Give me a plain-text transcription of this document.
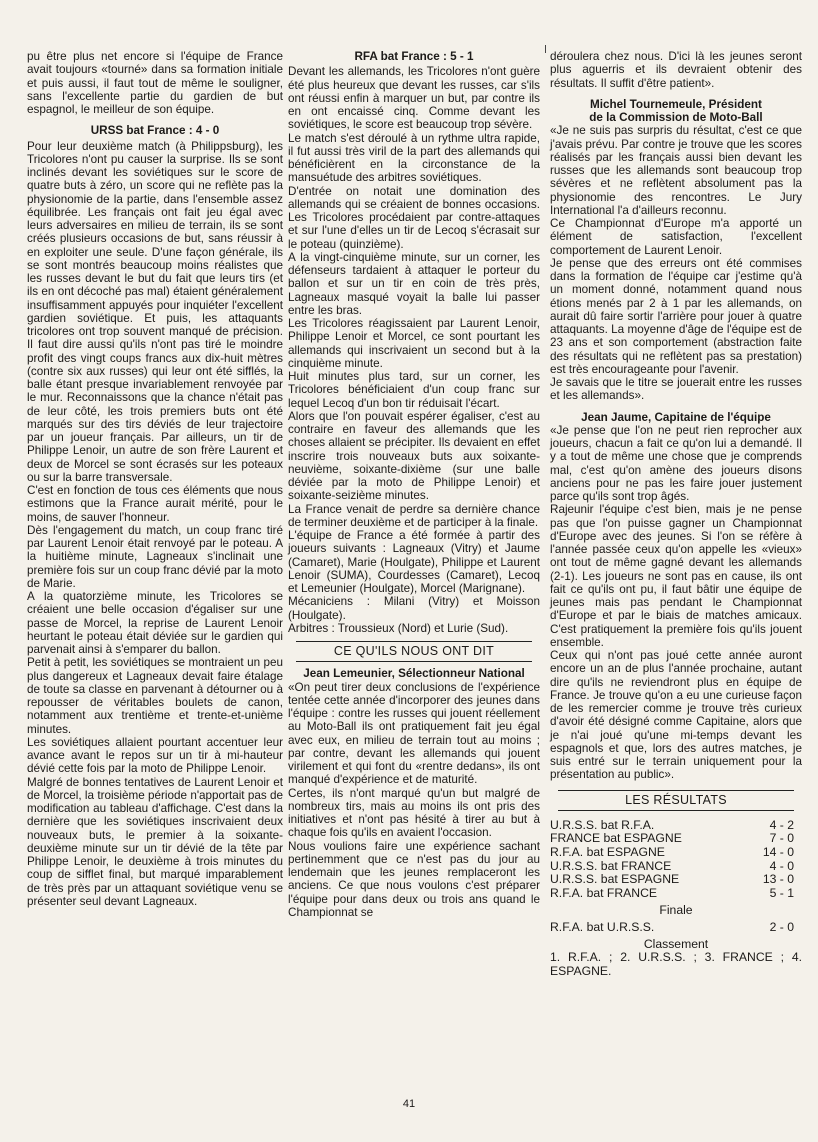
pu être plus net encore si l'équipe de France avait toujours «tourné» dans sa formation initiale et puis aussi, il faut tout de même le souligner, sans l'excellente partie du gardien de but espagnol, le meilleur de son équipe.

URSS bat France : 4 - 0

Pour leur deuxième match (à Philippsburg), les Tricolores n'ont pu causer la surprise. Ils se sont inclinés devant les soviétiques sur le score de quatre buts à zéro, un score qui ne reflète pas la physionomie de la partie, dans l'ensemble assez équilibrée. Les français ont fait jeu égal avec leurs adversaires en milieu de terrain, ils se sont créés plusieurs occasions de but, sans réussir à en exploiter une seule. D'une façon générale, ils se sont montrés beaucoup moins réalistes que les russes devant le but du fait que leurs tirs (et ils en ont décoché pas mal) étaient généralement insuffisamment appuyés pour inquiéter l'excellent gardien soviétique. Et puis, les attaquants tricolores ont trop souvent manqué de précision. Il faut dire aussi qu'ils n'ont pas tiré le moindre profit des vingt coups francs aux dix-huit mètres (contre six aux russes) qui leur ont été sifflés, la balle étant presque invariablement renvoyée par le mur. Reconnaissons que la chance n'était pas de leur côté, les trois premiers buts ont été marqués sur des tirs déviés de leur trajectoire par un joueur français. Par ailleurs, un tir de Philippe Lenoir, un autre de son frère Laurent et deux de Morcel se sont écrasés sur les poteaux ou sur la barre transversale.

C'est en fonction de tous ces éléments que nous estimons que la France aurait mérité, pour le moins, de sauver l'honneur.

Dès l'engagement du match, un coup franc tiré par Laurent Lenoir était renvoyé par le poteau. A la huitième minute, Lagneaux s'inclinait une première fois sur un coup franc dévié par la moto de Marie.

A la quatorzième minute, les Tricolores se créaient une belle occasion d'égaliser sur une passe de Morcel, la reprise de Laurent Lenoir heurtant le poteau était déviée sur le gardien qui parvenait ainsi à s'emparer du ballon.

Petit à petit, les soviétiques se montraient un peu plus dangereux et Lagneaux devait faire étalage de toute sa classe en parvenant à détourner ou à repousser de véritables boulets de canon, notamment aux trentième et trente-et-unième minutes.

Les soviétiques allaient pourtant accentuer leur avance avant le repos sur un tir à mi-hauteur dévié cette fois par la moto de Philippe Lenoir.

Malgré de bonnes tentatives de Laurent Lenoir et de Morcel, la troisième période n'apportait pas de modification au tableau d'affichage. C'est dans la dernière que les soviétiques inscrivaient deux nouveaux buts, le premier à la soixante-deuxième minute sur un tir dévié de la tête par Philippe Lenoir, le deuxième à trois minutes du coup de sifflet final, but marqué imparablement de très près par un attaquant soviétique venu se présenter seul devant Lagneaux.

RFA bat France : 5 - 1

Devant les allemands, les Tricolores n'ont guère été plus heureux que devant les russes, car s'ils ont réussi enfin à marquer un but, par contre ils en ont encaissé cinq. Comme devant les soviétiques, le score est beaucoup trop sévère.

Le match s'est déroulé à un rythme ultra rapide, il fut aussi très viril de la part des allemands qui bénéficièrent en la circonstance de la mansuétude des arbitres soviétiques.

D'entrée on notait une domination des allemands qui se créaient de bonnes occasions. Les Tricolores procédaient par contre-attaques et sur l'une d'elles un tir de Lecoq s'écrasait sur le poteau (quinzième).

A la vingt-cinquième minute, sur un corner, les défenseurs tardaient à attaquer le porteur du ballon et sur un tir en coin de très près, Lagneaux masqué voyait la balle lui passer entre les bras.

Les Tricolores réagissaient par Laurent Lenoir, Philippe Lenoir et Morcel, ce sont pourtant les allemands qui inscrivaient un second but à la cinquième minute.

Huit minutes plus tard, sur un corner, les Tricolores bénéficiaient d'un coup franc sur lequel Lecoq d'un bon tir réduisait l'écart.

Alors que l'on pouvait espérer égaliser, c'est au contraire en faveur des allemands que les choses allaient se précipiter. Ils devaient en effet inscrire trois nouveaux buts aux soixante-neuvième, soixante-dixième (sur une balle déviée par la moto de Philippe Lenoir) et soixante-seizième minutes.

La France venait de perdre sa dernière chance de terminer deuxième et de participer à la finale.

L'équipe de France a été formée à partir des joueurs suivants : Lagneaux (Vitry) et Jaume (Camaret), Marie (Houlgate), Philippe et Laurent Lenoir (SUMA), Courdesses (Camaret), Lecoq et Lemeunier (Houlgate), Morcel (Marignane).

Mécaniciens : Milani (Vitry) et Moisson (Houlgate).

Arbitres : Troussieux (Nord) et Lurie (Sud).

CE QU'ILS NOUS ONT DIT
Jean Lemeunier, Sélectionneur National

«On peut tirer deux conclusions de l'expérience tentée cette année d'incorporer des jeunes dans l'équipe : contre les russes qui jouent réellement au Moto-Ball ils ont pratiquement fait jeu égal avec eux, en milieu de terrain tout au moins ; par contre, devant les allemands qui jouent virilement et qui font du «rentre dedans», ils ont manqué d'expérience et de maturité.

Certes, ils n'ont marqué qu'un but malgré de nombreux tirs, mais au moins ils ont pris des initiatives et n'ont pas hésité à tirer au but à chaque fois qu'ils en avaient l'occasion.

Nous voulions faire une expérience sachant pertinemment que ce n'est pas du jour au lendemain que les jeunes remplaceront les anciens. Ce que nous voulons c'est préparer l'équipe pour dans deux ou trois ans quand le Championnat se

déroulera chez nous. D'ici là les jeunes seront plus aguerris et ils devraient obtenir des résultats. Il suffit d'être patient».

Michel Tournemeule, Président
de la Commission de Moto-Ball

«Je ne suis pas surpris du résultat, c'est ce que j'avais prévu. Par contre je trouve que les scores réalisés par les français aussi bien devant les russes que les allemands sont beaucoup trop sévères et ne reflètent absolument pas la physionomie des rencontres. Le Jury International l'a d'ailleurs reconnu.

Ce Championnat d'Europe m'a apporté un élément de satisfaction, l'excellent comportement de Laurent Lenoir.

Je pense que des erreurs ont été commises dans la formation de l'équipe car j'estime qu'à un moment donné, notamment quand nous étions menés par 2 à 1 par les allemands, on aurait dû faire sortir l'arrière pour jouer à quatre attaquants. La moyenne d'âge de l'équipe est de 23 ans et son comportement (abstraction faite des résultats qui ne reflètent pas sa prestation) est très encourageante pour l'avenir.

Je savais que le titre se jouerait entre les russes et les allemands».

Jean Jaume, Capitaine de l'équipe

«Je pense que l'on ne peut rien reprocher aux joueurs, chacun a fait ce qu'on lui a demandé. Il y a tout de même une chose que je comprends mal, c'est qu'on amène des joueurs disons anciens pour ne pas les faire jouer justement parce qu'ils sont trop âgés.

Rajeunir l'équipe c'est bien, mais je ne pense pas que l'on puisse gagner un Championnat d'Europe avec des jeunes. Si l'on se réfère à l'année passée ceux qu'on appelle les «vieux» ont tout de même gagné devant les allemands (2-1). Les joueurs ne sont pas en cause, ils ont fait ce qu'ils ont pu, il faut bâtir une équipe de jeunes mais pas pendant le Championnat d'Europe et par le biais de matches amicaux. C'est pratiquement la première fois qu'ils jouent ensemble.

Ceux qui n'ont pas joué cette année auront encore un an de plus l'année prochaine, autant dire qu'ils ne reviendront plus en équipe de France. Je trouve qu'on a eu une curieuse façon de les remercier comme je trouve très curieux d'avoir été désigné comme Capitaine, alors que je n'ai joué qu'une mi-temps devant les espagnols et que, lors des autres matches, je suis entré sur le terrain uniquement pour la présentation au public».

LES RÉSULTATS
U.R.S.S. bat R.F.A.	4 - 2
FRANCE bat ESPAGNE	7 - 0
R.F.A. bat ESPAGNE	14 - 0
U.R.S.S. bat FRANCE	4 - 0
U.R.S.S. bat ESPAGNE	13 - 0
R.F.A. bat FRANCE	5 - 1
Finale
R.F.A. bat U.R.S.S.	2 - 0
Classement

1. R.F.A. ; 2. U.R.S.S. ; 3. FRANCE ; 4. ESPAGNE.

41
